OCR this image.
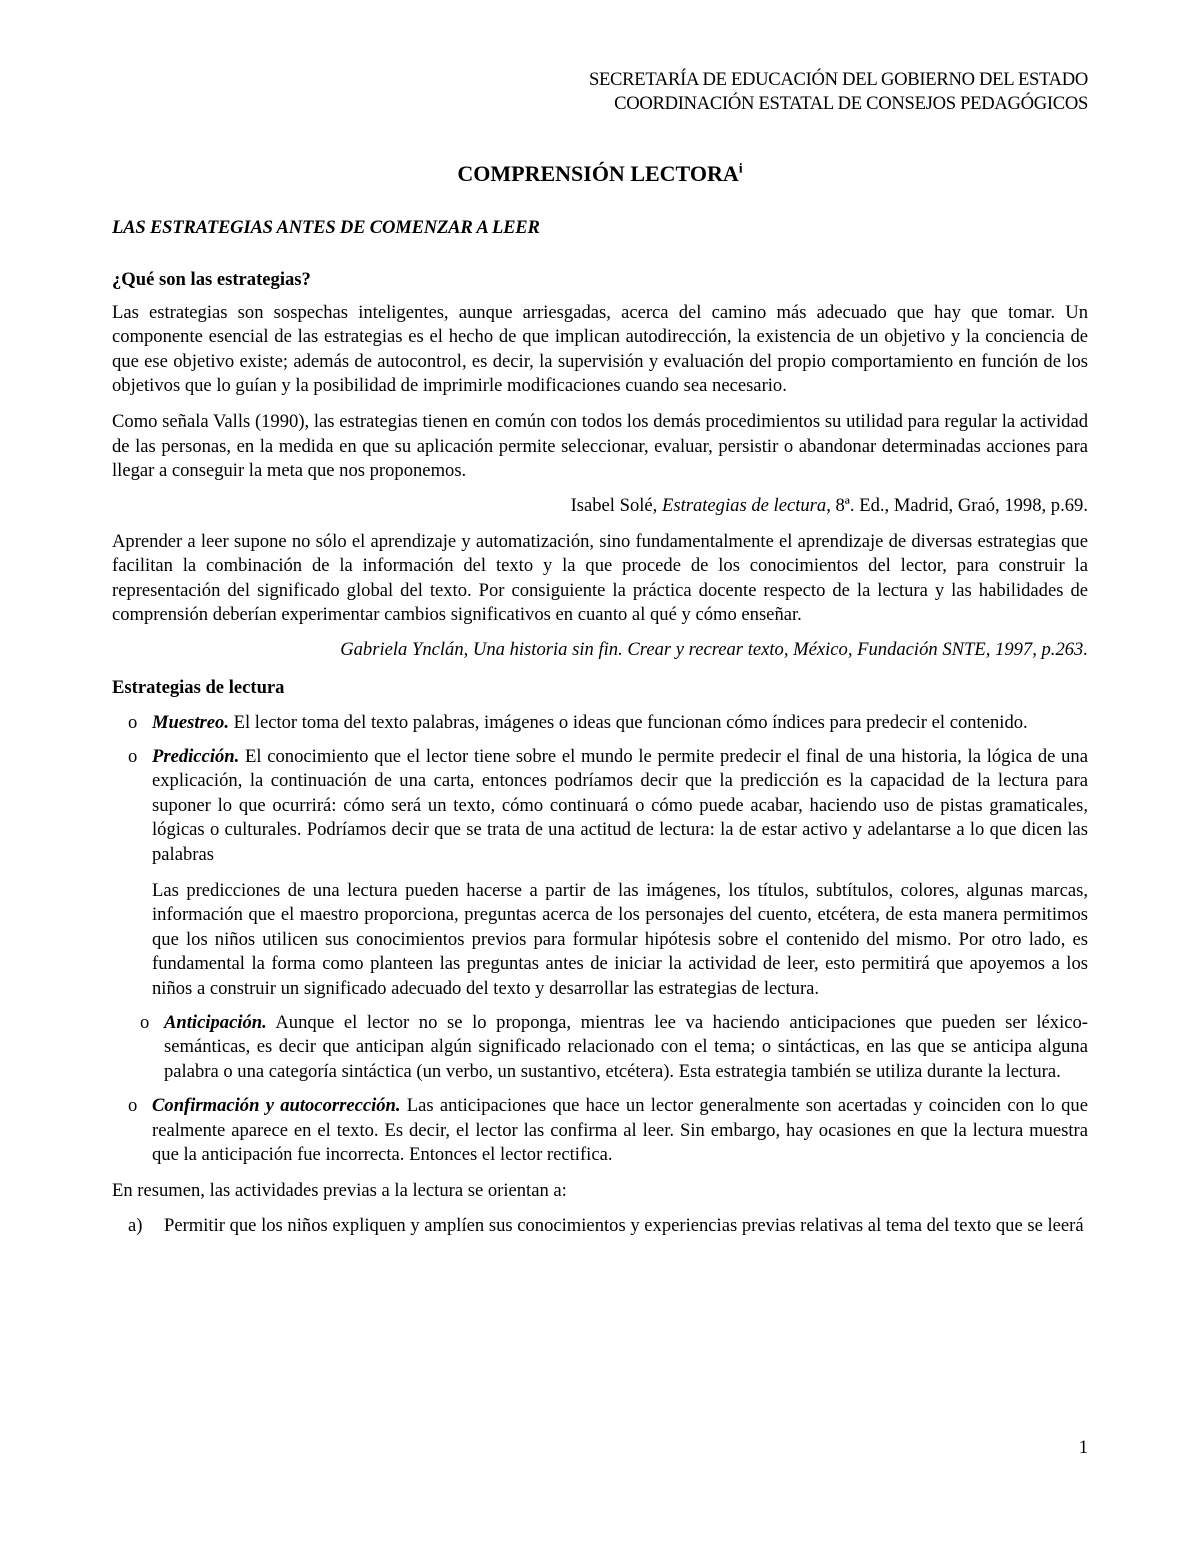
SECRETARÍA DE EDUCACIÓN DEL GOBIERNO DEL ESTADO
COORDINACIÓN ESTATAL DE CONSEJOS PEDAGÓGICOS
COMPRENSIÓN LECTORA$^i$
LAS ESTRATEGIAS ANTES DE COMENZAR A LEER
¿Qué son las estrategias?

Las estrategias son sospechas inteligentes, aunque arriesgadas, acerca del camino más adecuado que hay que tomar. Un componente esencial de las estrategias es el hecho de que implican autodirección, la existencia de un objetivo y la conciencia de que ese objetivo existe; además de autocontrol, es decir, la supervisión y evaluación del propio comportamiento en función de los objetivos que lo guían y la posibilidad de imprimirle modificaciones cuando sea necesario.

Como señala Valls (1990), las estrategias tienen en común con todos los demás procedimientos su utilidad para regular la actividad de las personas, en la medida en que su aplicación permite seleccionar, evaluar, persistir o abandonar determinadas acciones para llegar a conseguir la meta que nos proponemos.

Isabel Solé, Estrategias de lectura, 8ª. Ed., Madrid, Graó, 1998, p.69.

Aprender a leer supone no sólo el aprendizaje y automatización, sino fundamentalmente el aprendizaje de diversas estrategias que facilitan la combinación de la información del texto y la que procede de los conocimientos del lector, para construir la representación del significado global del texto. Por consiguiente la práctica docente respecto de la lectura y las habilidades de comprensión deberían experimentar cambios significativos en cuanto al qué y cómo enseñar.

Gabriela Ynclán, Una historia sin fin. Crear y recrear texto, México, Fundación SNTE, 1997, p.263.

Estrategias de lectura
o Muestreo. El lector toma del texto palabras, imágenes o ideas que funcionan cómo índices para predecir el contenido.
o Predicción. El conocimiento que el lector tiene sobre el mundo le permite predecir el final de una historia, la lógica de una explicación, la continuación de una carta, entonces podríamos decir que la predicción es la capacidad de la lectura para suponer lo que ocurrirá: cómo será un texto, cómo continuará o cómo puede acabar, haciendo uso de pistas gramaticales, lógicas o culturales. Podríamos decir que se trata de una actitud de lectura: la de estar activo y adelantarse a lo que dicen las palabras
Las predicciones de una lectura pueden hacerse a partir de las imágenes, los títulos, subtítulos, colores, algunas marcas, información que el maestro proporciona, preguntas acerca de los personajes del cuento, etcétera, de esta manera permitimos que los niños utilicen sus conocimientos previos para formular hipótesis sobre el contenido del mismo. Por otro lado, es fundamental la forma como planteen las preguntas antes de iniciar la actividad de leer, esto permitirá que apoyemos a los niños a construir un significado adecuado del texto y desarrollar las estrategias de lectura.
o Anticipación. Aunque el lector no se lo proponga, mientras lee va haciendo anticipaciones que pueden ser léxico-semánticas, es decir que anticipan algún significado relacionado con el tema; o sintácticas, en las que se anticipa alguna palabra o una categoría sintáctica (un verbo, un sustantivo, etcétera). Esta estrategia también se utiliza durante la lectura.
o Confirmación y autocorrección. Las anticipaciones que hace un lector generalmente son acertadas y coinciden con lo que realmente aparece en el texto. Es decir, el lector las confirma al leer. Sin embargo, hay ocasiones en que la lectura muestra que la anticipación fue incorrecta. Entonces el lector rectifica.

En resumen, las actividades previas a la lectura se orientan a:

a) Permitir que los niños expliquen y amplíen sus conocimientos y experiencias previas relativas al tema del texto que se leerá
1
